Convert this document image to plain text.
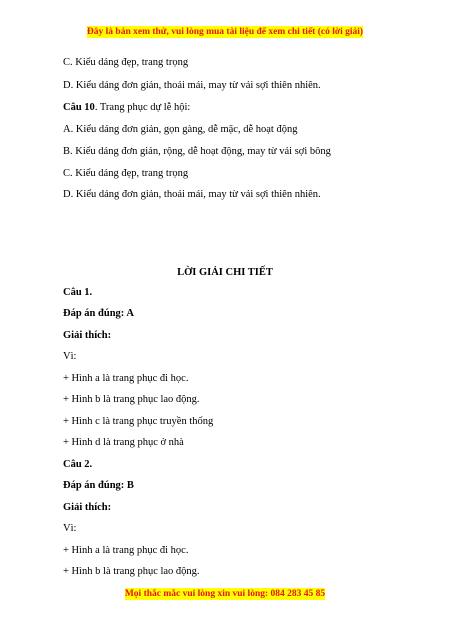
Đây là bản xem thử, vui lòng mua tài liệu để xem chi tiết (có lời giải)
C. Kiểu dáng đẹp, trang trọng
D. Kiểu dáng đơn giản, thoải mái, may từ vải sợi thiên nhiên.
Câu 10. Trang phục dự lễ hội:
A. Kiểu dáng đơn giản, gọn gàng, dễ mặc, dễ hoạt động
B. Kiểu dáng đơn giản, rộng, dễ hoạt động, may từ vải sợi bông
C. Kiểu dáng đẹp, trang trọng
D. Kiểu dáng đơn giản, thoải mái, may từ vải sợi thiên nhiên.
LỜI GIẢI CHI TIẾT
Câu 1.
Đáp án đúng: A
Giải thích:
Vì:
+ Hình a là trang phục đi học.
+ Hình b là trang phục lao động.
+ Hình c là trang phục truyền thống
+ Hình d là trang phục ở nhà
Câu 2.
Đáp án đúng: B
Giải thích:
Vì:
+ Hình a là trang phục đi học.
+ Hình b là trang phục lao động.
Mọi thắc mắc vui lòng xin vui lòng: 084 283 45 85
